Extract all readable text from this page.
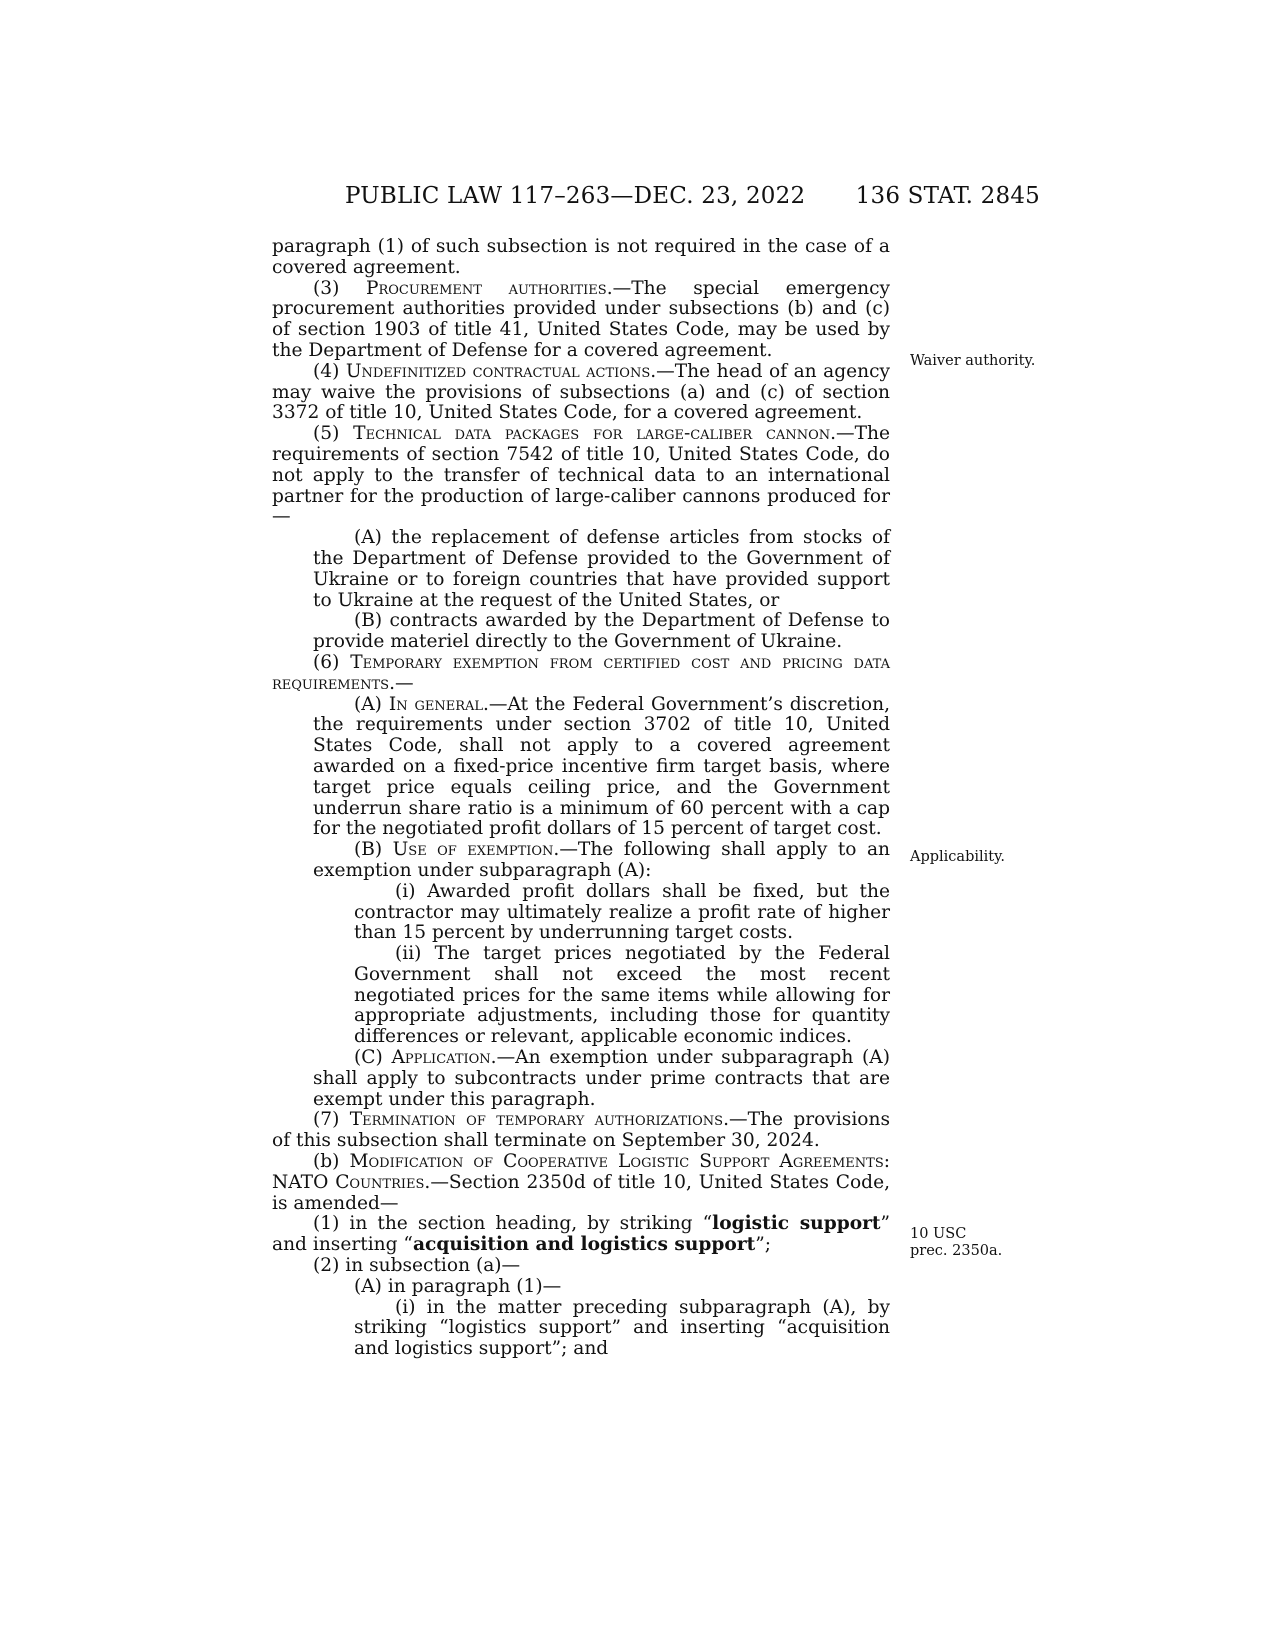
PUBLIC LAW 117–263—DEC. 23, 2022 136 STAT. 2845

paragraph (1) of such subsection is not required in the case of a covered agreement.

(3) Procurement authorities.—The special emergency procurement authorities provided under subsections (b) and (c) of section 1903 of title 41, United States Code, may be used by the Department of Defense for a covered agreement.

(4) Undefinitized contractual actions.—The head of an agency may waive the provisions of subsections (a) and (c) of section 3372 of title 10, United States Code, for a covered agreement.

(5) Technical data packages for large-caliber cannon.—The requirements of section 7542 of title 10, United States Code, do not apply to the transfer of technical data to an international partner for the production of large-caliber cannons produced for—

(A) the replacement of defense articles from stocks of the Department of Defense provided to the Government of Ukraine or to foreign countries that have provided support to Ukraine at the request of the United States, or

(B) contracts awarded by the Department of Defense to provide materiel directly to the Government of Ukraine.

(6) Temporary exemption from certified cost and pricing data requirements.—

(A) In general.—At the Federal Government’s discretion, the requirements under section 3702 of title 10, United States Code, shall not apply to a covered agreement awarded on a fixed-price incentive firm target basis, where target price equals ceiling price, and the Government underrun share ratio is a minimum of 60 percent with a cap for the negotiated profit dollars of 15 percent of target cost.

(B) Use of exemption.—The following shall apply to an exemption under subparagraph (A):

(i) Awarded profit dollars shall be fixed, but the contractor may ultimately realize a profit rate of higher than 15 percent by underrunning target costs.

(ii) The target prices negotiated by the Federal Government shall not exceed the most recent negotiated prices for the same items while allowing for appropriate adjustments, including those for quantity differences or relevant, applicable economic indices.

(C) Application.—An exemption under subparagraph (A) shall apply to subcontracts under prime contracts that are exempt under this paragraph.

(7) Termination of temporary authorizations.—The provisions of this subsection shall terminate on September 30, 2024.

(b) Modification of Cooperative Logistic Support Agreements: NATO Countries.—Section 2350d of title 10, United States Code, is amended—

(1) in the section heading, by striking “logistic support” and inserting “acquisition and logistics support”;

(2) in subsection (a)—

(A) in paragraph (1)—

(i) in the matter preceding subparagraph (A), by striking “logistics support” and inserting “acquisition and logistics support”; and

Waiver authority.
Applicability.
10 USC
prec. 2350a.
